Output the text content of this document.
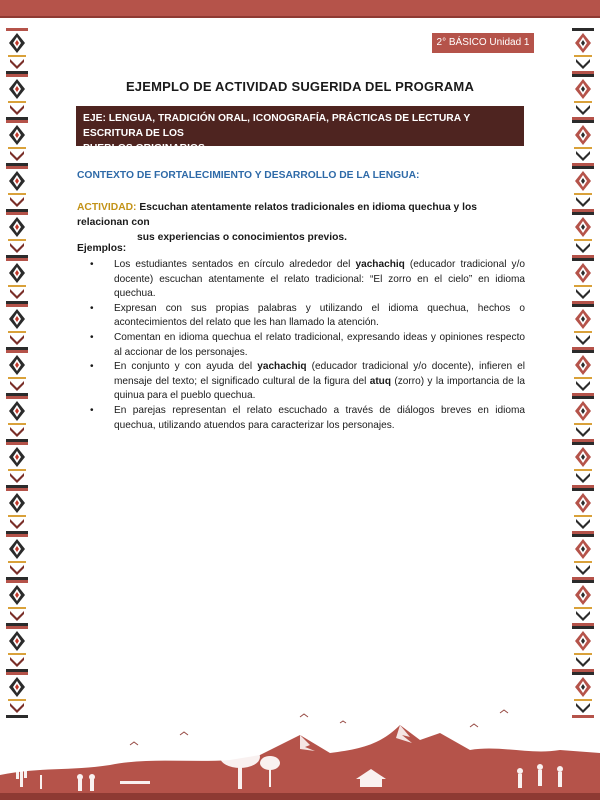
2° BÁSICO Unidad 1
EJEMPLO DE ACTIVIDAD SUGERIDA DEL PROGRAMA
EJE: LENGUA, TRADICIÓN ORAL, ICONOGRAFÍA, PRÁCTICAS DE LECTURA Y ESCRITURA DE LOS
PUEBLOS ORIGINARIOS.
CONTEXTO DE FORTALECIMIENTO Y DESARROLLO DE LA LENGUA:
ACTIVIDAD: Escuchan atentamente relatos tradicionales en idioma quechua y los relacionan con
sus experiencias o conocimientos previos.
Ejemplos:
• Los estudiantes sentados en círculo alrededor del yachachiq (educador tradicional y/o docente) escuchan atentamente el relato tradicional: “El zorro en el cielo” en idioma quechua.
• Expresan con sus propias palabras y utilizando el idioma quechua, hechos o acontecimientos del relato que les han llamado la atención.
• Comentan en idioma quechua el relato tradicional, expresando ideas y opiniones respecto al accionar de los personajes.
• En conjunto y con ayuda del yachachiq (educador tradicional y/o docente), infieren el mensaje del texto; el significado cultural de la figura del atuq (zorro) y la importancia de la quinua para el pueblo quechua.
• En parejas representan el relato escuchado a través de diálogos breves en idioma quechua, utilizando atuendos para caracterizar los personajes.
